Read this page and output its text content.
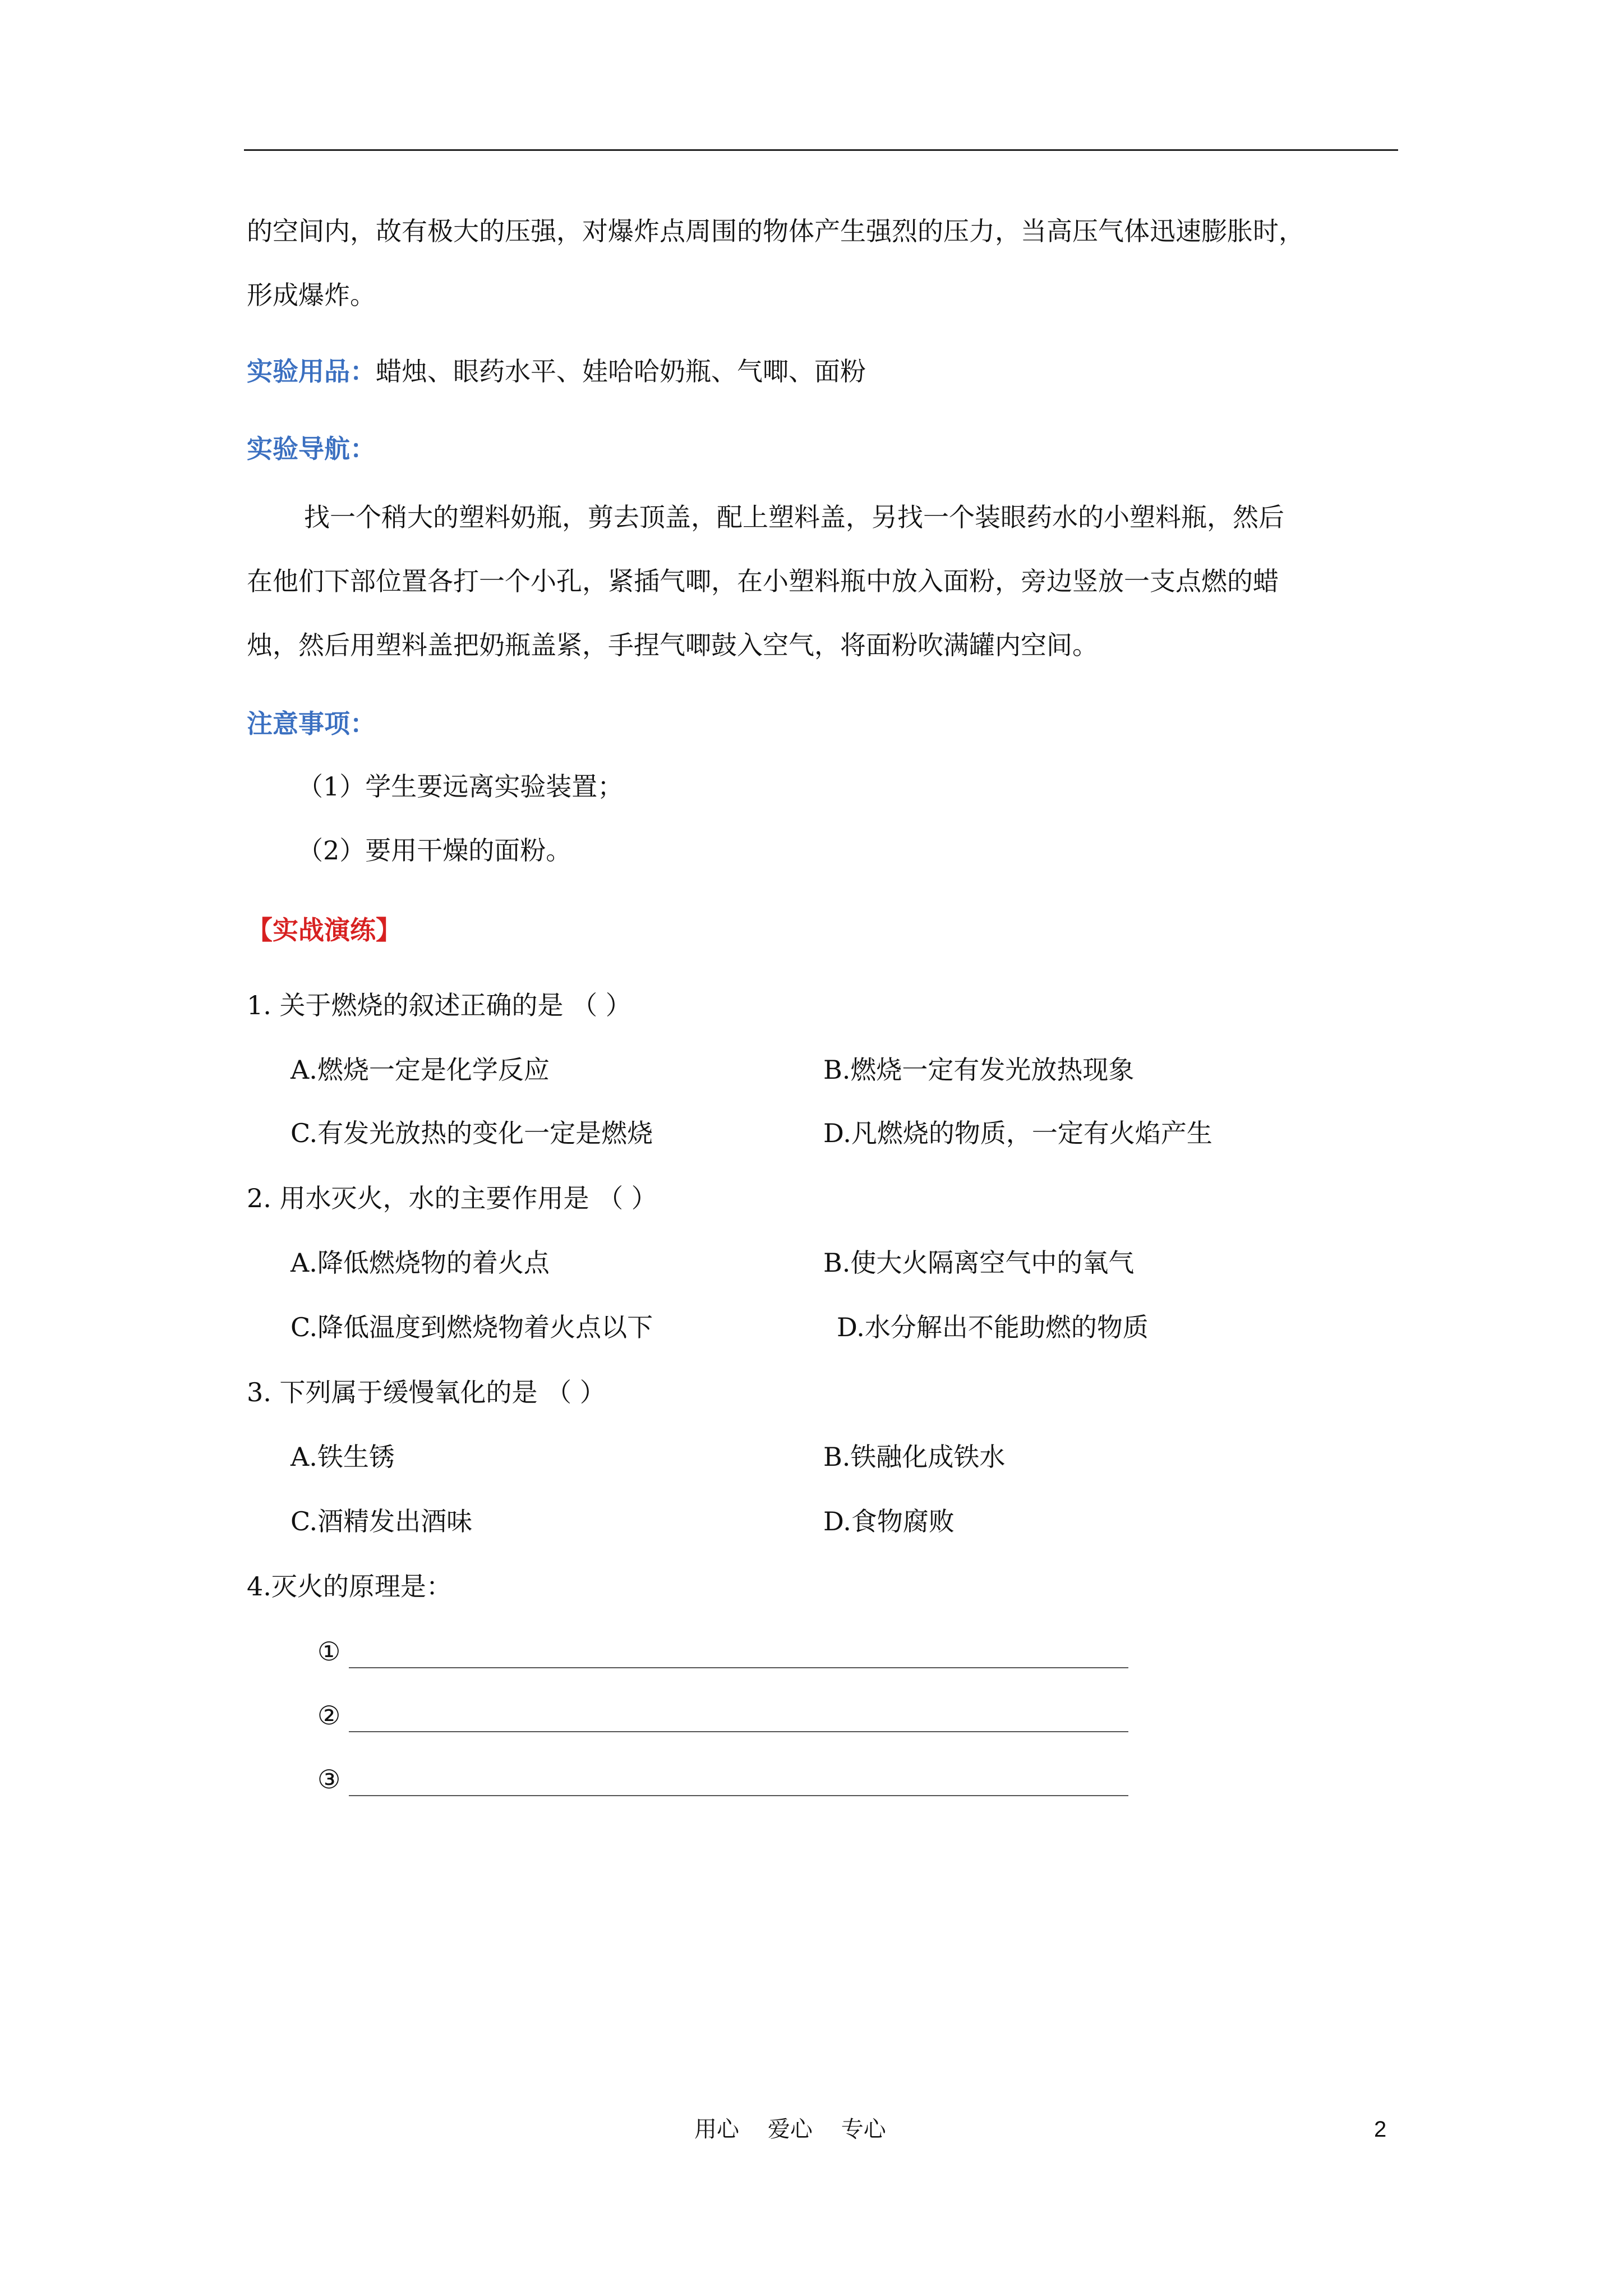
的空间内，故有极大的压强，对爆炸点周围的物体产生强烈的压力，当高压气体迅速膨胀时，
形成爆炸。
实验用品：蜡烛、眼药水平、娃哈哈奶瓶、气唧、面粉
实验导航：
找一个稍大的塑料奶瓶，剪去顶盖，配上塑料盖，另找一个装眼药水的小塑料瓶，然后
在他们下部位置各打一个小孔，紧插气唧，在小塑料瓶中放入面粉，旁边竖放一支点燃的蜡
烛，然后用塑料盖把奶瓶盖紧，手捏气唧鼓入空气，将面粉吹满罐内空间。
注意事项：
（1）学生要远离实验装置；
（2）要用干燥的面粉。
【实战演练】
1. 关于燃烧的叙述正确的是 （ ）
A.燃烧一定是化学反应	B.燃烧一定有发光放热现象
C.有发光放热的变化一定是燃烧	D.凡燃烧的物质，一定有火焰产生
2. 用水灭火，水的主要作用是 （ ）
A.降低燃烧物的着火点	B.使大火隔离空气中的氧气
C.降低温度到燃烧物着火点以下	D.水分解出不能助燃的物质
3. 下列属于缓慢氧化的是 （ ）
A.铁生锈	B.铁融化成铁水
C.酒精发出酒味	D.食物腐败
4.灭火的原理是：
①
②
③
用心    爱心    专心	2
